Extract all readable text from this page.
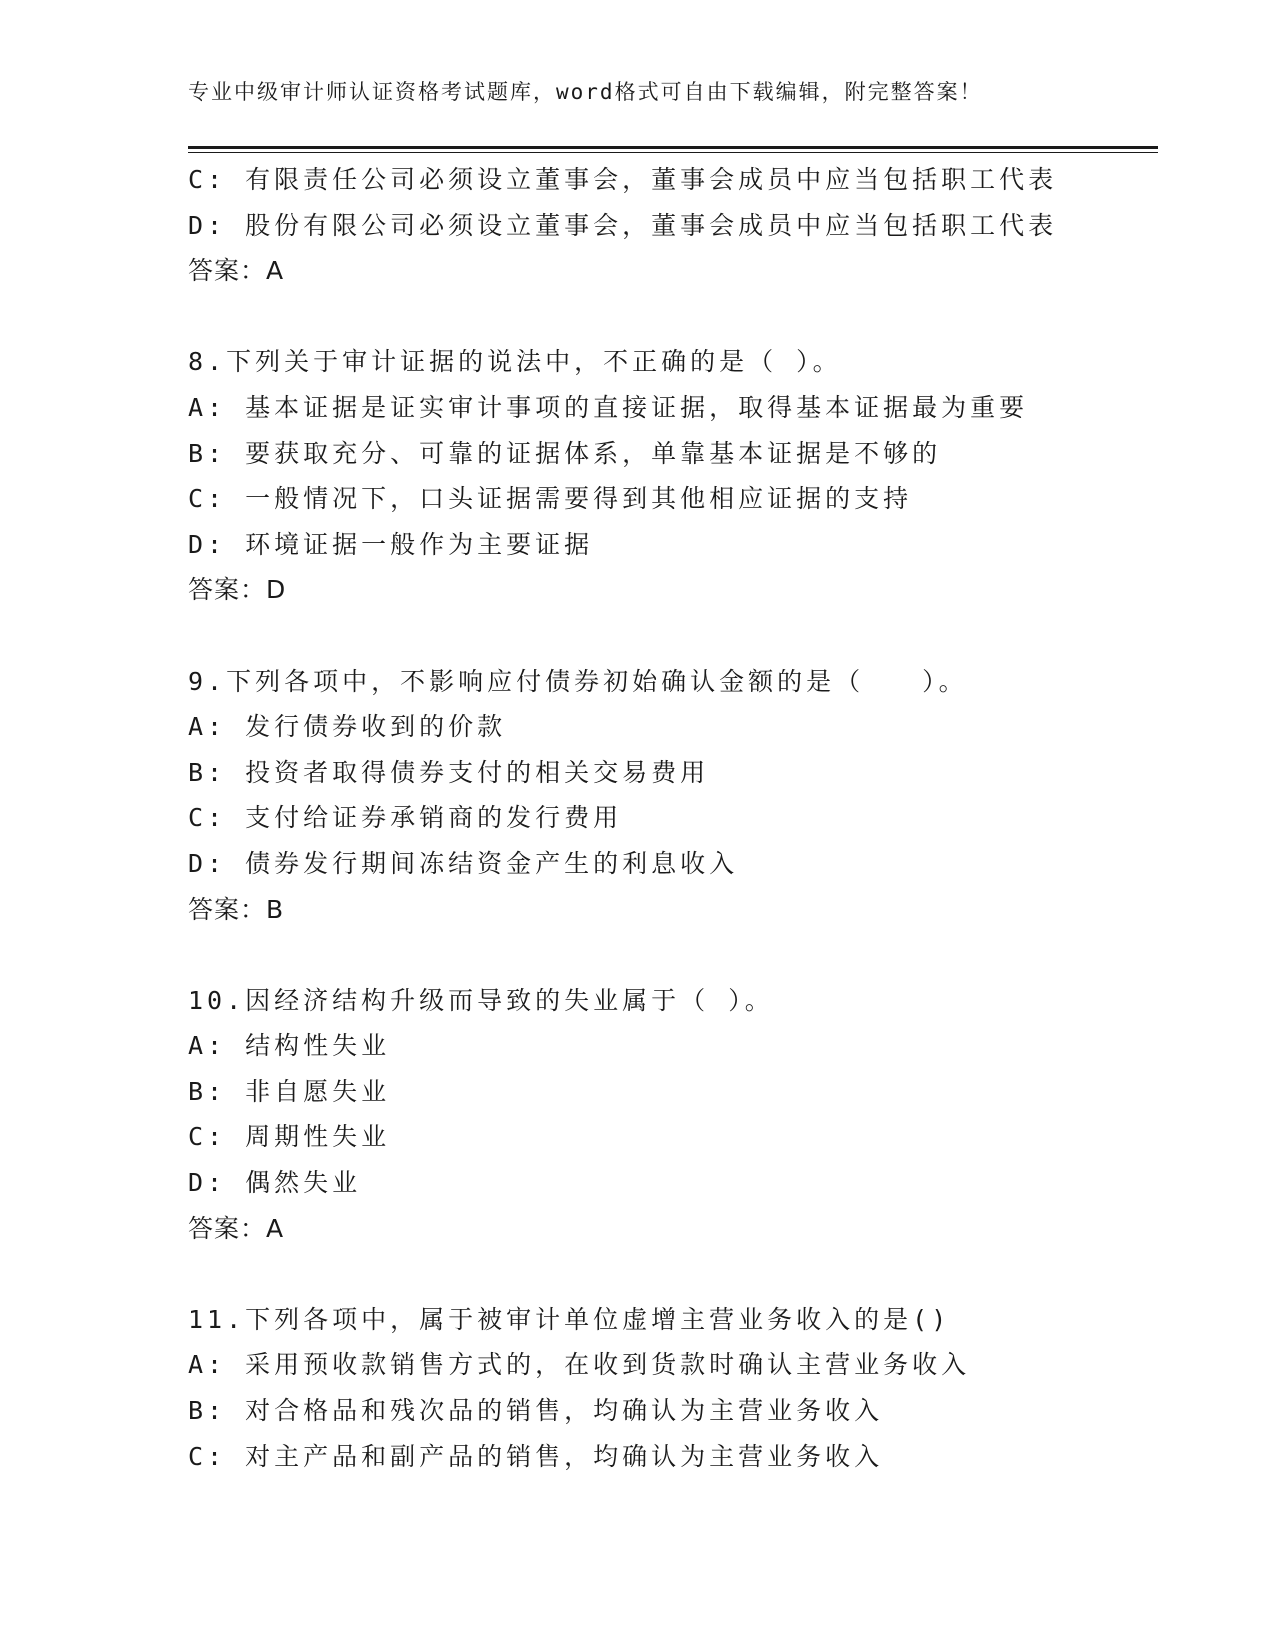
专业中级审计师认证资格考试题库，word格式可自由下载编辑，附完整答案！
C: 有限责任公司必须设立董事会，董事会成员中应当包括职工代表
D: 股份有限公司必须设立董事会，董事会成员中应当包括职工代表
答案：A
8.下列关于审计证据的说法中，不正确的是（ ）。
A: 基本证据是证实审计事项的直接证据，取得基本证据最为重要
B: 要获取充分、可靠的证据体系，单靠基本证据是不够的
C: 一般情况下，口头证据需要得到其他相应证据的支持
D: 环境证据一般作为主要证据
答案：D
9.下列各项中，不影响应付债券初始确认金额的是（　　）。
A: 发行债券收到的价款
B: 投资者取得债券支付的相关交易费用
C: 支付给证券承销商的发行费用
D: 债券发行期间冻结资金产生的利息收入
答案：B
10.因经济结构升级而导致的失业属于（ ）。
A: 结构性失业
B: 非自愿失业
C: 周期性失业
D: 偶然失业
答案：A
11.下列各项中，属于被审计单位虚增主营业务收入的是()
A: 采用预收款销售方式的，在收到货款时确认主营业务收入
B: 对合格品和残次品的销售，均确认为主营业务收入
C: 对主产品和副产品的销售，均确认为主营业务收入
